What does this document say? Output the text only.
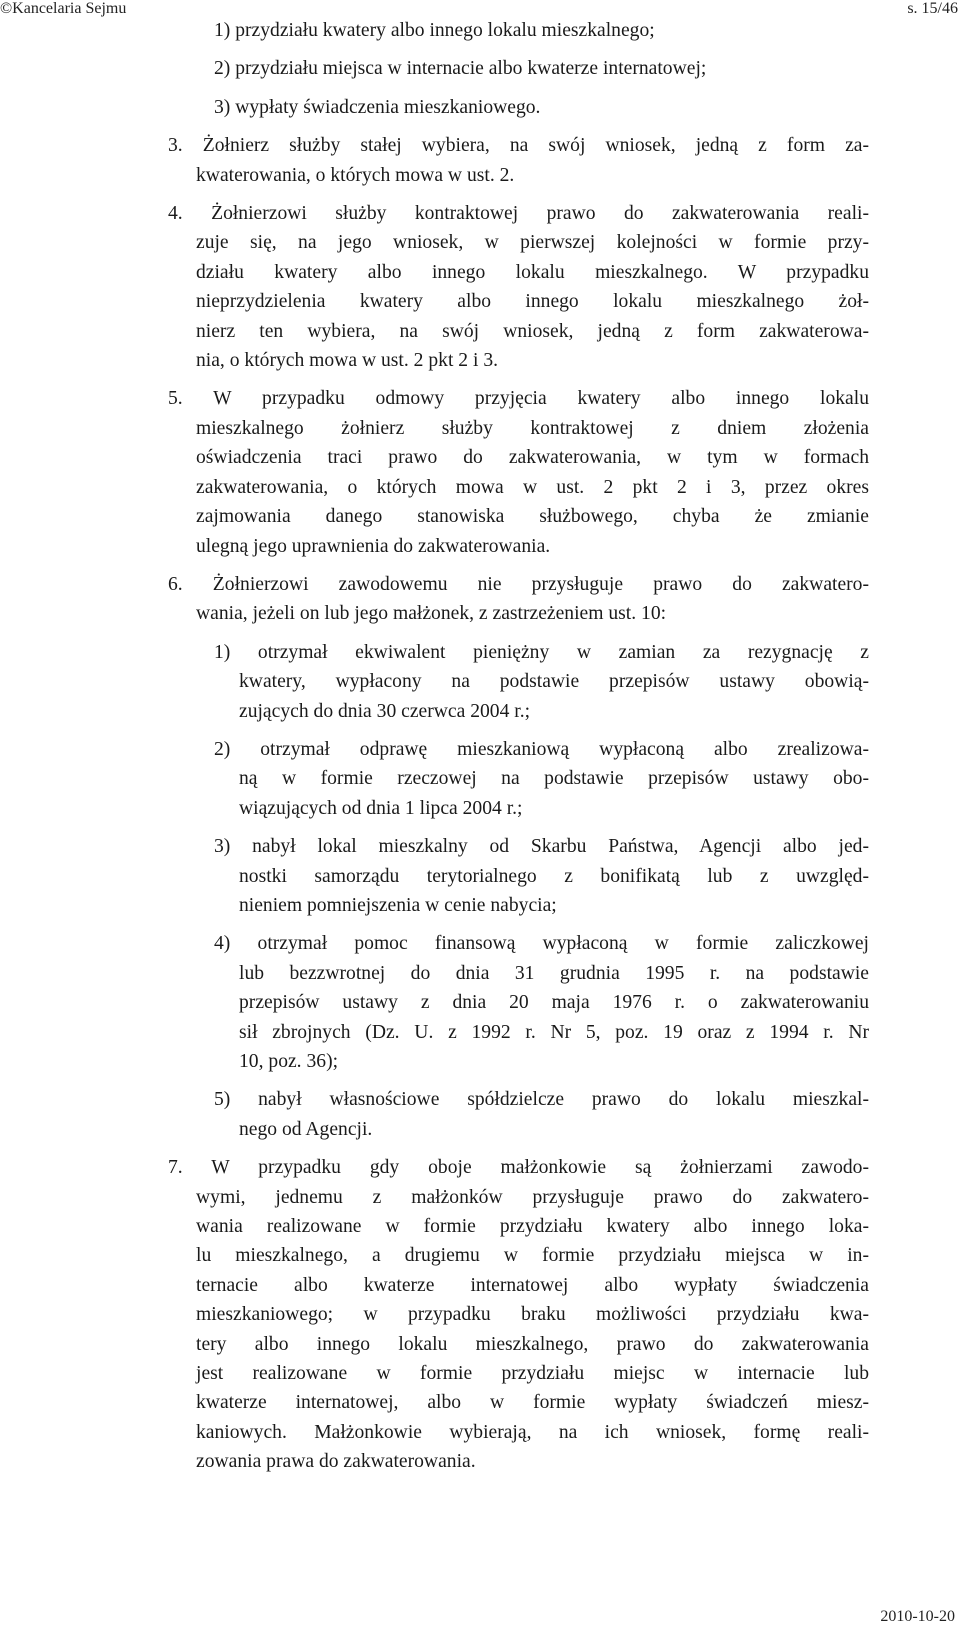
©Kancelaria Sejmu	s. 15/46
1) przydziału kwatery albo innego lokalu mieszkalnego;
2) przydziału miejsca w internacie albo kwaterze internatowej;
3) wypłaty świadczenia mieszkaniowego.
3. Żołnierz służby stałej wybiera, na swój wniosek, jedną z form za-
kwaterowania, o których mowa w ust. 2.
4. Żołnierzowi służby kontraktowej prawo do zakwaterowania reali-
zuje się, na jego wniosek, w pierwszej kolejności w formie przy-
działu kwatery albo innego lokalu mieszkalnego. W przypadku
nieprzydzielenia kwatery albo innego lokalu mieszkalnego żoł-
nierz ten wybiera, na swój wniosek, jedną z form zakwaterowa-
nia, o których mowa w ust. 2 pkt 2 i 3.
5. W przypadku odmowy przyjęcia kwatery albo innego lokalu
mieszkalnego żołnierz służby kontraktowej z dniem złożenia
oświadczenia traci prawo do zakwaterowania, w tym w formach
zakwaterowania, o których mowa w ust. 2 pkt 2 i 3, przez okres
zajmowania danego stanowiska służbowego, chyba że zmianie
ulegną jego uprawnienia do zakwaterowania.
6. Żołnierzowi zawodowemu nie przysługuje prawo do zakwatero-
wania, jeżeli on lub jego małżonek, z zastrzeżeniem ust. 10:
1) otrzymał ekwiwalent pieniężny w zamian za rezygnację z
kwatery, wypłacony na podstawie przepisów ustawy obowią-
zujących do dnia 30 czerwca 2004 r.;
2) otrzymał odprawę mieszkaniową wypłaconą albo zrealizowa-
ną w formie rzeczowej na podstawie przepisów ustawy obo-
wiązujących od dnia 1 lipca 2004 r.;
3) nabył lokal mieszkalny od Skarbu Państwa, Agencji albo jed-
nostki samorządu terytorialnego z bonifikatą lub z uwzględ-
nieniem pomniejszenia w cenie nabycia;
4) otrzymał pomoc finansową wypłaconą w formie zaliczkowej
lub bezzwrotnej do dnia 31 grudnia 1995 r. na podstawie
przepisów ustawy z dnia 20 maja 1976 r. o zakwaterowaniu
sił zbrojnych (Dz. U. z 1992 r. Nr 5, poz. 19 oraz z 1994 r. Nr
10, poz. 36);
5) nabył własnościowe spółdzielcze prawo do lokalu mieszkal-
nego od Agencji.
7. W przypadku gdy oboje małżonkowie są żołnierzami zawodo-
wymi, jednemu z małżonków przysługuje prawo do zakwatero-
wania realizowane w formie przydziału kwatery albo innego loka-
lu mieszkalnego, a drugiemu w formie przydziału miejsca w in-
ternacie albo kwaterze internatowej albo wypłaty świadczenia
mieszkaniowego; w przypadku braku możliwości przydziału kwa-
tery albo innego lokalu mieszkalnego, prawo do zakwaterowania
jest realizowane w formie przydziału miejsc w internacie lub
kwaterze internatowej, albo w formie wypłaty świadczeń miesz-
kaniowych. Małżonkowie wybierają, na ich wniosek, formę reali-
zowania prawa do zakwaterowania.
2010-10-20
